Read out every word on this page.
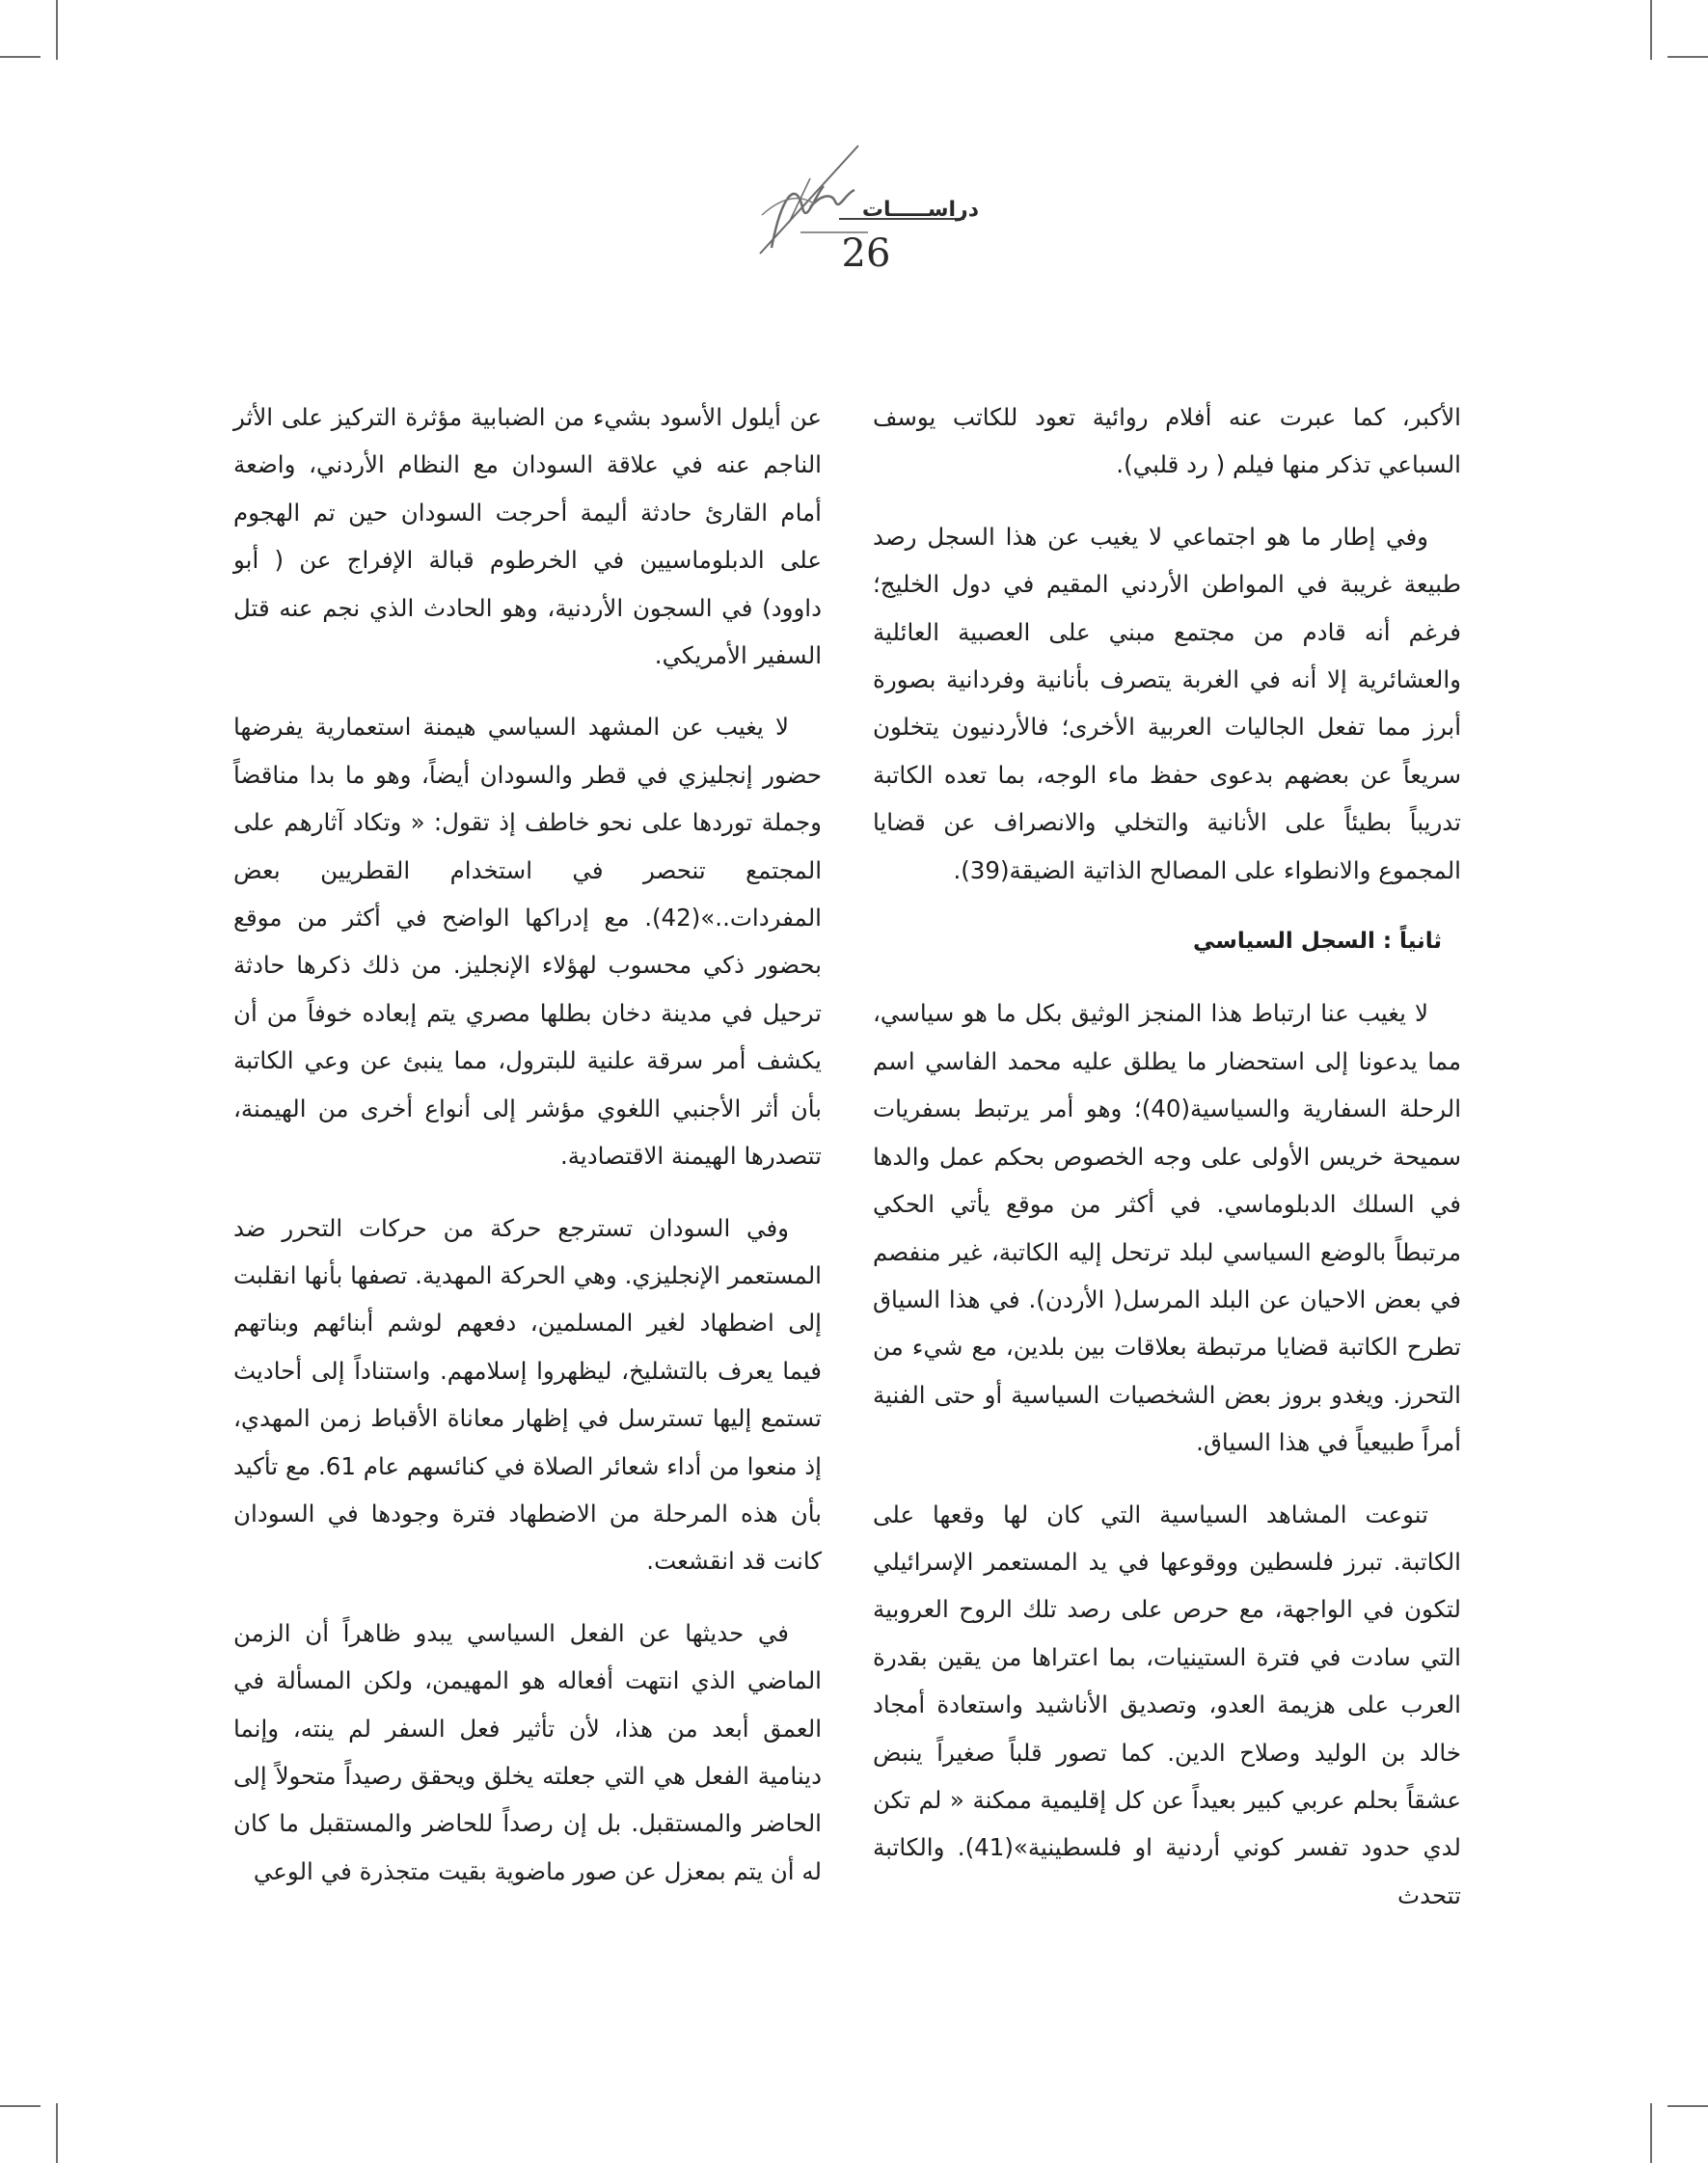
دراســـــات
26

الأكبر، كما عبرت عنه أفلام روائية تعود للكاتب يوسف السباعي تذكر منها فيلم ( رد قلبي).

وفي إطار ما هو اجتماعي لا يغيب عن هذا السجل رصد طبيعة غريبة في المواطن الأردني المقيم في دول الخليج؛ فرغم أنه قادم من مجتمع مبني على العصبية العائلية والعشائرية إلا أنه في الغربة يتصرف بأنانية وفردانية بصورة أبرز مما تفعل الجاليات العربية الأخرى؛ فالأردنيون يتخلون سريعاً عن بعضهم بدعوى حفظ ماء الوجه، بما تعده الكاتبة تدريباً بطيئاً على الأنانية والتخلي والانصراف عن قضايا المجموع والانطواء على المصالح الذاتية الضيقة(39).

ثانياً : السجل السياسي

لا يغيب عنا ارتباط هذا المنجز الوثيق بكل ما هو سياسي، مما يدعونا إلى استحضار ما يطلق عليه محمد الفاسي اسم الرحلة السفارية والسياسية(40)؛ وهو أمر يرتبط بسفريات سميحة خريس الأولى على وجه الخصوص بحكم عمل والدها في السلك الدبلوماسي. في أكثر من موقع يأتي الحكي مرتبطاً بالوضع السياسي لبلد ترتحل إليه الكاتبة، غير منفصم في بعض الاحيان عن البلد المرسل( الأردن). في هذا السياق تطرح الكاتبة قضايا مرتبطة بعلاقات بين بلدين، مع شيء من التحرز. ويغدو بروز بعض الشخصيات السياسية أو حتى الفنية أمراً طبيعياً في هذا السياق.

تنوعت المشاهد السياسية التي كان لها وقعها على الكاتبة. تبرز فلسطين ووقوعها في يد المستعمر الإسرائيلي لتكون في الواجهة، مع حرص على رصد تلك الروح العروبية التي سادت في فترة الستينيات، بما اعتراها من يقين بقدرة العرب على هزيمة العدو، وتصديق الأناشيد واستعادة أمجاد خالد بن الوليد وصلاح الدين. كما تصور قلباً صغيراً ينبض عشقاً بحلم عربي كبير بعيداً عن كل إقليمية ممكنة « لم تكن لدي حدود تفسر كوني أردنية او فلسطينية»(41). والكاتبة تتحدث

عن أيلول الأسود بشيء من الضبابية مؤثرة التركيز على الأثر الناجم عنه في علاقة السودان مع النظام الأردني، واضعة أمام القارئ حادثة أليمة أحرجت السودان حين تم الهجوم على الدبلوماسيين في الخرطوم قبالة الإفراج عن ( أبو داوود) في السجون الأردنية، وهو الحادث الذي نجم عنه قتل السفير الأمريكي.

لا يغيب عن المشهد السياسي هيمنة استعمارية يفرضها حضور إنجليزي في قطر والسودان أيضاً، وهو ما بدا مناقضاً وجملة توردها على نحو خاطف إذ تقول: « وتكاد آثارهم على المجتمع تنحصر في استخدام القطريين بعض المفردات..»(42). مع إدراكها الواضح في أكثر من موقع بحضور ذكي محسوب لهؤلاء الإنجليز. من ذلك ذكرها حادثة ترحيل في مدينة دخان بطلها مصري يتم إبعاده خوفاً من أن يكشف أمر سرقة علنية للبترول، مما ينبئ عن وعي الكاتبة بأن أثر الأجنبي اللغوي مؤشر إلى أنواع أخرى من الهيمنة، تتصدرها الهيمنة الاقتصادية.

وفي السودان تسترجع حركة من حركات التحرر ضد المستعمر الإنجليزي. وهي الحركة المهدية. تصفها بأنها انقلبت إلى اضطهاد لغير المسلمين، دفعهم لوشم أبنائهم وبناتهم فيما يعرف بالتشليخ، ليظهروا إسلامهم. واستناداً إلى أحاديث تستمع إليها تسترسل في إظهار معاناة الأقباط زمن المهدي، إذ منعوا من أداء شعائر الصلاة في كنائسهم عام 61. مع تأكيد بأن هذه المرحلة من الاضطهاد فترة وجودها في السودان كانت قد انقشعت.

في حديثها عن الفعل السياسي يبدو ظاهراً أن الزمن الماضي الذي انتهت أفعاله هو المهيمن، ولكن المسألة في العمق أبعد من هذا، لأن تأثير فعل السفر لم ينته، وإنما دينامية الفعل هي التي جعلته يخلق ويحقق رصيداً متحولاً إلى الحاضر والمستقبل. بل إن رصداً للحاضر والمستقبل ما كان له أن يتم بمعزل عن صور ماضوية بقيت متجذرة في الوعي
